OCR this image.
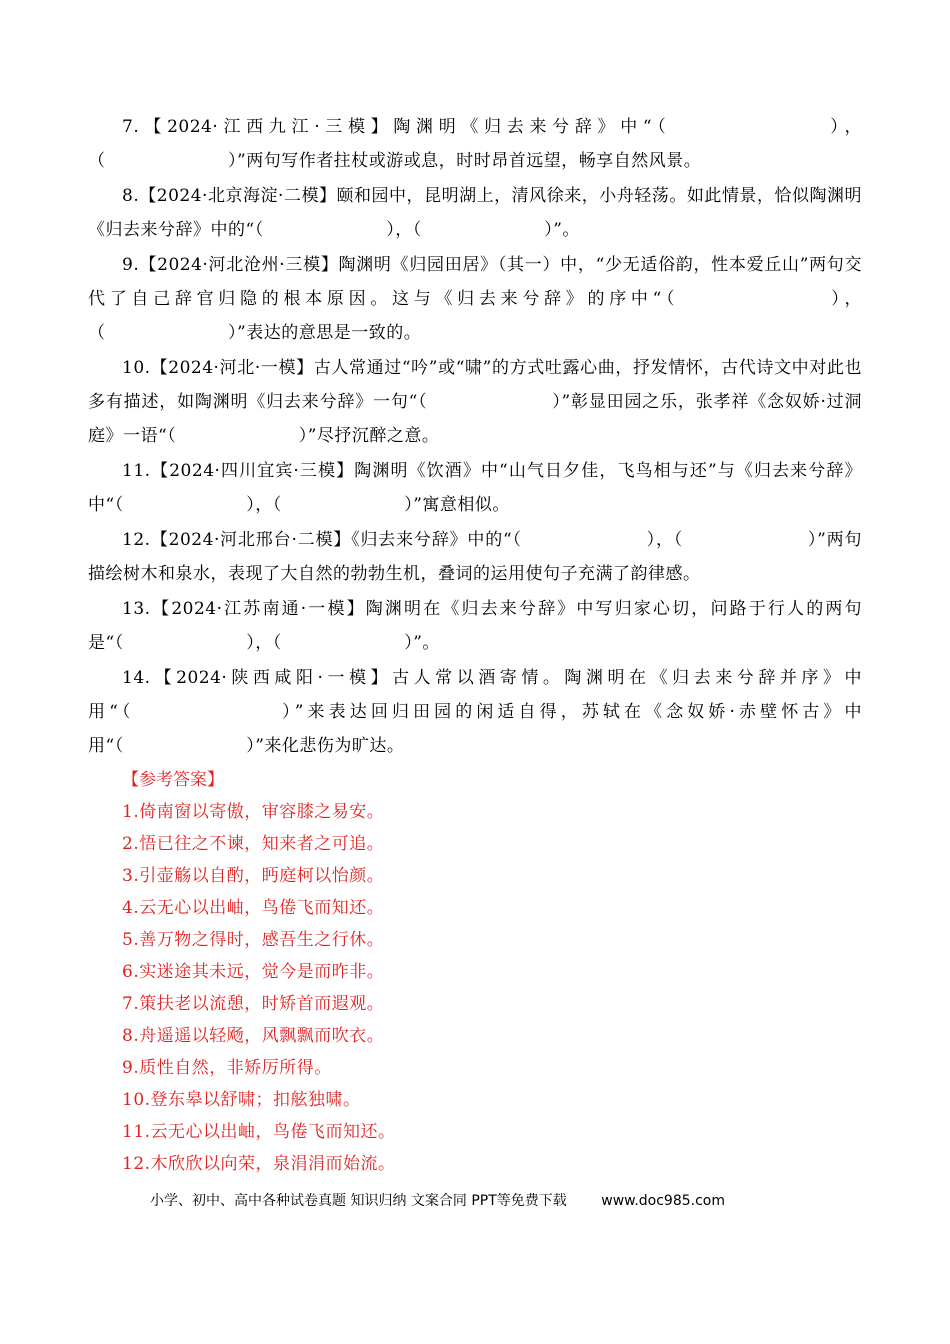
7.【2024·江西九江·三模】陶渊明《归去来兮辞》中“（　　　　　　　），（　　　　　　　）”两句写作者拄杖或游或息，时时昂首远望，畅享自然风景。

8.【2024·北京海淀·二模】颐和园中，昆明湖上，清风徐来，小舟轻荡。如此情景，恰似陶渊明《归去来兮辞》中的“（　　　　　　　），（　　　　　　　）”。

9.【2024·河北沧州·三模】陶渊明《归园田居》（其一）中，“少无适俗韵，性本爱丘山”两句交代了自己辞官归隐的根本原因。这与《归去来兮辞》的序中“（　　　　　　　），（　　　　　　　）”表达的意思是一致的。

10.【2024·河北·一模】古人常通过“吟”或“啸”的方式吐露心曲，抒发情怀，古代诗文中对此也多有描述，如陶渊明《归去来兮辞》一句“（　　　　　　　）”彰显田园之乐，张孝祥《念奴娇·过洞庭》一语“（　　　　　　　）”尽抒沉醉之意。

11.【2024·四川宜宾·三模】陶渊明《饮酒》中“山气日夕佳，飞鸟相与还”与《归去来兮辞》中“（　　　　　　　），（　　　　　　　）”寓意相似。

12.【2024·河北邢台·二模】《归去来兮辞》中的“（　　　　　　　），（　　　　　　　）”两句描绘树木和泉水，表现了大自然的勃勃生机，叠词的运用使句子充满了韵律感。

13.【2024·江苏南通·一模】陶渊明在《归去来兮辞》中写归家心切，问路于行人的两句是“（　　　　　　　），（　　　　　　　）”。

14.【2024·陕西咸阳·一模】古人常以酒寄情。陶渊明在《归去来兮辞并序》中用“（　　　　　　　）”来表达回归田园的闲适自得，苏轼在《念奴娇·赤壁怀古》中用“（　　　　　　　）”来化悲伤为旷达。

【参考答案】

1.倚南窗以寄傲，审容膝之易安。

2.悟已往之不谏，知来者之可追。

3.引壶觞以自酌，眄庭柯以怡颜。

4.云无心以出岫，鸟倦飞而知还。

5.善万物之得时，感吾生之行休。

6.实迷途其未远，觉今是而昨非。

7.策扶老以流憩，时矫首而遐观。

8.舟遥遥以轻飏，风飘飘而吹衣。

9.质性自然，非矫厉所得。

10.登东皋以舒啸；扣舷独啸。

11.云无心以出岫，鸟倦飞而知还。

12.木欣欣以向荣，泉涓涓而始流。

小学、初中、高中各种试卷真题 知识归纳 文案合同 PPT等免费下载 www.doc985.com
